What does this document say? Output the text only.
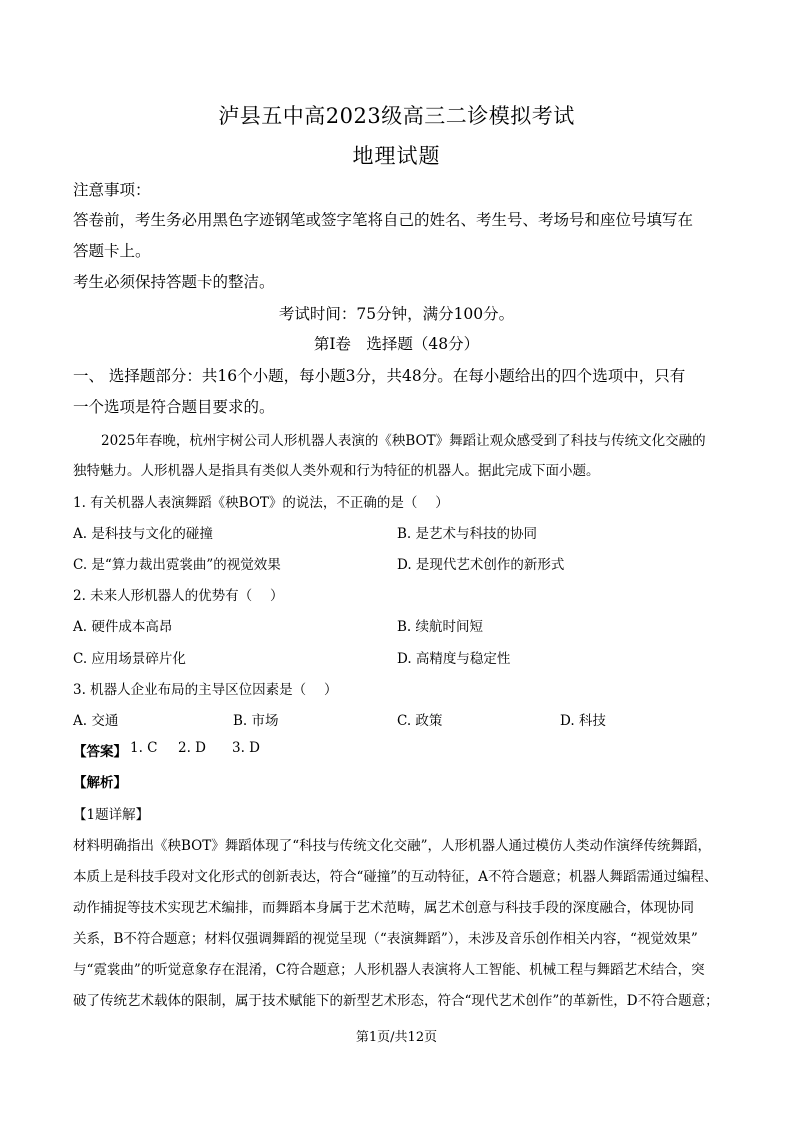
泸县五中高2023级高三二诊模拟考试
地理试题
注意事项：
答卷前，考生务必用黑色字迹钢笔或签字笔将自己的姓名、考生号、考场号和座位号填写在
答题卡上。
考生必须保持答题卡的整洁。
考试时间：75分钟，满分100分。
第I卷　选择题（48分）
一、 选择题部分：共16个小题，每小题3分，共48分。在每小题给出的四个选项中，只有
一个选项是符合题目要求的。
2025年春晚，杭州宇树公司人形机器人表演的《秧BOT》舞蹈让观众感受到了科技与传统文化交融的
独特魅力。人形机器人是指具有类似人类外观和行为特征的机器人。据此完成下面小题。
1. 有关机器人表演舞蹈《秧BOT》的说法，不正确的是（　 ）
A. 是科技与文化的碰撞	B. 是艺术与科技的协同
C. 是“算力裁出霓裳曲”的视觉效果	D. 是现代艺术创作的新形式
2. 未来人形机器人的优势有（　 ）
A. 硬件成本高昂	B. 续航时间短
C. 应用场景碎片化	D. 高精度与稳定性
3. 机器人企业布局的主导区位因素是（　 ）
A. 交通	B. 市场	C. 政策	D. 科技
【答案】 1. C 2. D 3. D
【解析】
【1题详解】
材料明确指出《秧BOT》舞蹈体现了“科技与传统文化交融”，人形机器人通过模仿人类动作演绎传统舞蹈，
本质上是科技手段对文化形式的创新表达，符合“碰撞”的互动特征，A不符合题意；机器人舞蹈需通过编程、
动作捕捉等技术实现艺术编排，而舞蹈本身属于艺术范畴，属艺术创意与科技手段的深度融合，体现协同
关系，B不符合题意；材料仅强调舞蹈的视觉呈现（“表演舞蹈”），未涉及音乐创作相关内容，“视觉效果”
与“霓裳曲”的听觉意象存在混淆，C符合题意；人形机器人表演将人工智能、机械工程与舞蹈艺术结合，突
破了传统艺术载体的限制，属于技术赋能下的新型艺术形态，符合“现代艺术创作”的革新性，D不符合题意；
第1页/共12页
